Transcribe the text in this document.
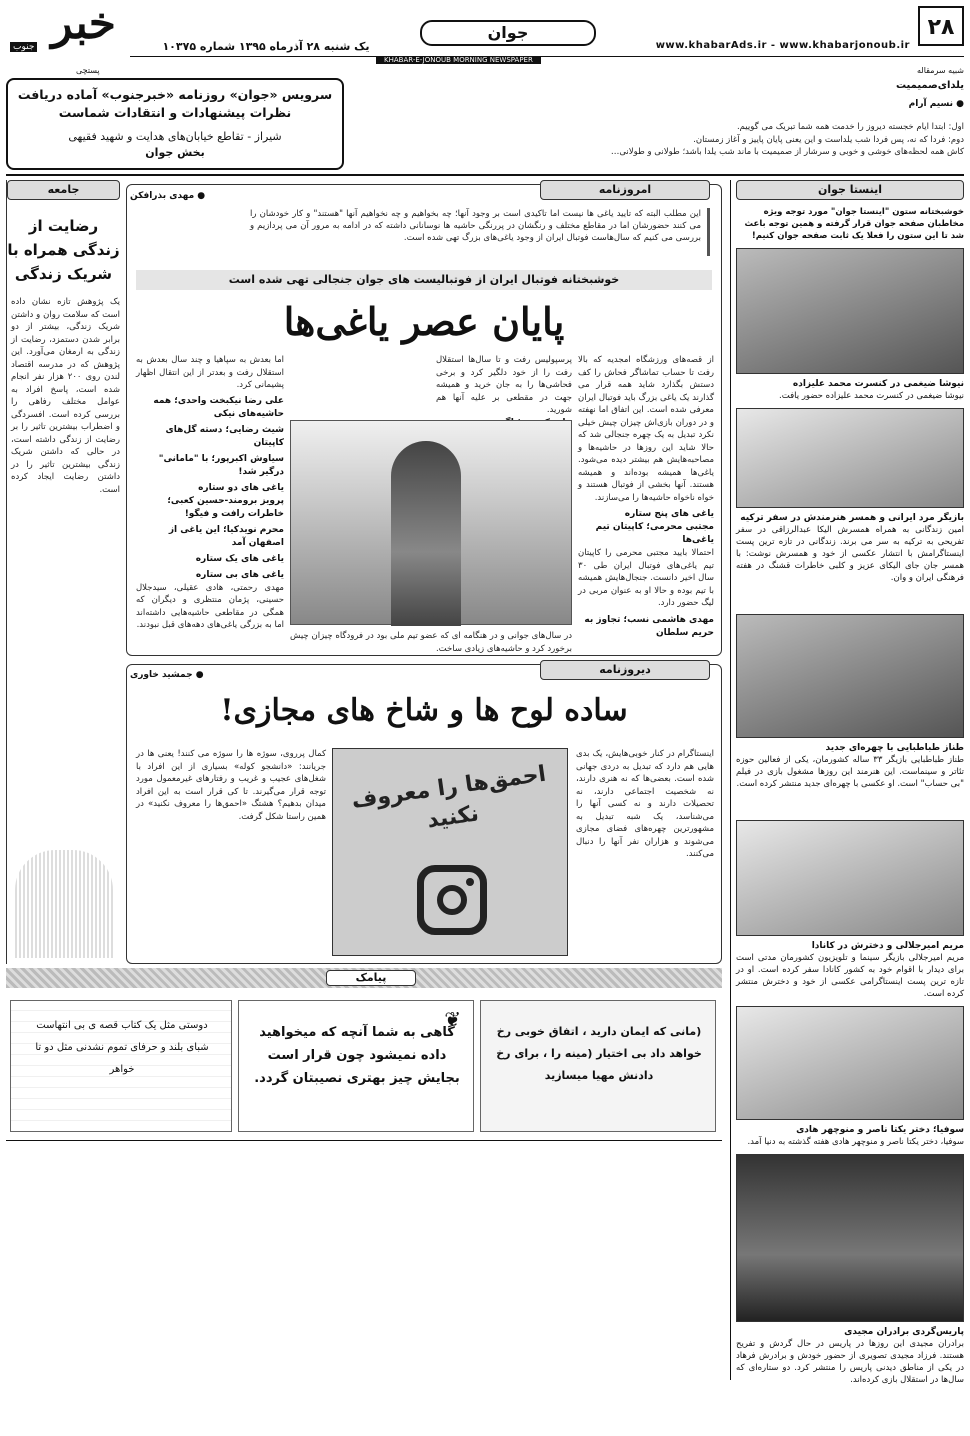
۲۸
www.khabarAds.ir - www.khabarjonoub.ir
جوان
یک شنبه ۲۸ آذرماه ۱۳۹۵ شماره ۱۰۳۷۵
خبر
جنوب
KHABAR-E-JONOUB MORNING NEWSPAPER
شبیه سرمقاله
پستچی
سرویس «جوان» روزنامه «خبرجنوب» آماده دریافت نظرات پیشنهادات و انتقادات شماست
شیراز - تقاطع خیابان‌های هدایت و شهید فقیهی
بخش جوان
یلدای‌صمیمیت
● نسیم آرام
اول: ابتدا ایام خجسته دیروز را خدمت همه شما تبریک می گوییم.
دوم: فردا که نه، پس فردا شب یلداست و این یعنی پایان پاییز و آغاز زمستان.
کاش همه لحظه‌های خوشی و خوبی و سرشار از صمیمیت‌ با ماند شب یلدا باشد؛ طولانی و طولانی‌…
اینستا جوان
خوشبختانه ستون "اینستا جوان" مورد توجه ویژه مخاطبان صفحه جوان قرار گرفته و همین توجه باعث شد تا این ستون را فعلا یک ثابت صفحه جوان کنیم!
نیوشا ضیغمی در کنسرت محمد علیزاده
نیوشا ضیغمی در کنسرت محمد علیزاده حضور یافت.
بازیگر مرد ایرانی و همسر هنرمندش در سفر ترکیه
امین زندگانی به همراه همسرش الیکا عبدالرزاقی در سفر تفریحی‌ به ترکیه به سر می برند. زندگانی در تازه ترین پست اینستاگرامش با انتشار عکسی از خود و همسرش نوشت: با همسر جان جای الیکای عزیز و کلبی خاطرات قشنگ در هفته فرهنگی ایران و وان.
طناز طباطبایی با چهره‌ای جدید
طناز طباطبایی بازیگر ۳۳ ساله کشورمان، یکی از فعالین حوزه تئاتر و سینماست. این هنرمند این روزها مشغول بازی در فیلم "بی حساب" است. او عکسی با چهره‌ای جدید منتشر کرده است.
مریم امیرجلالی و دخترش در کانادا
مریم امیرجلالی بازیگر سینما و تلویزیون کشورمان مدتی است برای دیدار با اقوام خود به کشور کانادا سفر کرده است. او در تازه ترین پست اینستاگرامی عکسی از خود و دخترش منتشر کرده است.
سوفیا؛ دختر یکتا ناصر و منوچهر هادی
سوفیا، دختر یکتا ناصر و منوچهر هادی هفته گذشته به دنیا آمد.
پاریس‌گردی برادران مجیدی
برادران مجیدی این روزها در پاریس در حال گردش و تفریح هستند. فرزاد مجیدی تصویری از حضور خودش و برادرش فرهاد در یکی از مناطق دیدنی پاریس را منتشر کرد. دو ستاره‌ای که سال‌ها در استقلال بازی کرده‌اند.
امروزنامه
● مهدی بذرافکن
این مطلب البته که تایید یاغی ها نیست اما تاکیدی است بر وجود آنها؛ چه بخواهیم و چه نخواهیم آنها "هستند" و کار خودشان را می کنند حضورشان اما در مقاطع مختلف و رنگشان در پررنگی حاشیه ها نوسانانی داشته که در ادامه به مرور آن می پردازیم و بررسی می کنیم که سال‌هاست فوتبال ایران از وجود یاغی‌های بزرگ تهی شده است.
خوشبختانه فوتبال ایران از فوتبالیست های جوان جنجالی تهی شده است
پایان عصر یاغی‌ها
از قصه‌های ورزشگاه امجدیه که بالا رفت تا حساب تماشاگر فحاش را کف دستش بگذارد شاید همه قرار می گذارند یک یاغی بزرگ باید فوتبال ایران معرفی شده است. این اتفاق اما نهفته و در دوران بازی‌اش چیزان چیش خیلی نکرد تبدیل به یک چهره جنجالی شد که حالا شاید این روزها در حاشیه‌ها و مصاحبه‌هایش هم بیشتر دیده می‌شود. یاغی‌ها همیشه بوده‌اند و همیشه هستند. آنها بخشی از فوتبال هستند و خواه ناخواه حاشیه‌ها را می‌سازند.
یاغی های پنج ستاره
مجتبی محرمی؛ کاپیتان تیم یاغی‌ها
احتمالا بایید مجتبی محرمی را کاپیتان تیم یاغی‌های فوتبال ایران طی ۳۰ سال اخیر دانست. جنجال‌هایش همیشه با تیم بوده و حالا او به عنوان مربی در لیگ حضور دارد.
مهدی هاشمی نسب؛ تجاوز به حریم سلطان
پرسپولیس رفت و تا سال‌ها استقلال رفت را از خود دلگیر کرد و برخی فحاشی‌ها را به جان خرید و همیشه جهت در مقطعی بر علیه آنها هم شورید.
در سال‌های جوانی و در هنگامه ای که عضو تیم ملی بود در فرودگاه چیزان چیش برخورد کرد و حاشیه‌های زیادی ساخت.
اما بعدش به سپاهیا و چند سال بعدش به استقلال رفت و بعدتر از این انتقال اظهار پشیمانی کرد.
علی رضا نیکبخت واحدی؛ همه حاشیه‌های نیکی
شیث رضایی؛ دسته گل‌های کاپیتان
سیاوش اکبرپور؛ با "مامانی" درگیر شد!
یاغی های دو ستاره
پرویز برومند-حسین کعبی؛ خاطرات رافت و فیگو!
محرم نویدکیا؛ این یاغی از اصفهان آمد
یاغی های یک ستاره
یاغی های بی ستاره
مهدی رحمتی، هادی عقیلی، سیدجلال حسینی، پژمان منتظری و دیگران که همگی در مقاطعی حاشیه‌هایی داشته‌اند اما به بزرگی یاغی‌های دهه‌های قبل نبودند.
دیروزنامه
● جمشید خاوری
ساده لوح ها و شاخ های مجازی!
اینستاگرام در کنار خوبی‌هایش، یک بدی هایی هم دارد که تبدیل به دردی جهانی شده است. بعضی‌ها که نه هنری دارند، نه شخصیت اجتماعی دارند، نه تحصیلات دارند و نه کسی آنها را می‌شناسد، یک شبه تبدیل به مشهورترین چهره‌های فضای مجازی می‌شوند و هزاران نفر آنها را دنبال می‌کنند.
احمق‌ها را معروف نکنید
کمال پرروی، سوژه ها را سوژه می کنند! یعنی ها در جریانند: «دانشجو کوله» بسیاری از این افراد با شغل‌های عجیب و غریب و رفتارهای غیرمعمول مورد توجه قرار می‌گیرند. تا کی قرار است به این افراد میدان بدهیم؟ هشتگ «احمق‌ها را معروف نکنید» در همین راستا شکل گرفت.
جامعه
رضایت از زندگی همراه با شریک زندگی
یک پژوهش تازه نشان داده است که سلامت روان و داشتن شریک زندگی، بیشتر از دو برابر شدن دستمزد، رضایت از زندگی به ارمغان می‌آورد. این پژوهش که در مدرسه اقتصاد لندن روی ۲۰۰ هزار نفر انجام شده است، پاسخ افراد به عوامل مختلف رفاهی را بررسی کرده است. افسردگی و اضطراب بیشترین تاثیر را بر رضایت از زندگی داشته است، در حالی که داشتن شریک زندگی بیشترین تاثیر را در داشتن رضایت ایجاد کرده است.
پیامک
(مانی که ایمان دارید ، اتفاق خوبی رخ خواهد داد بی اختیار (مینه را ، برای رخ دادنش مهیا میسازید
❦
گاهی به شما آنچه که میخواهید داده نمیشود چون قرار است بجایش چیز بهتری نصیبتان گردد.
دوستی مثل یک کتاب قصه ی بی انتهاست شبای بلند و حرفای تموم نشدنی مثل دو تا خواهر
